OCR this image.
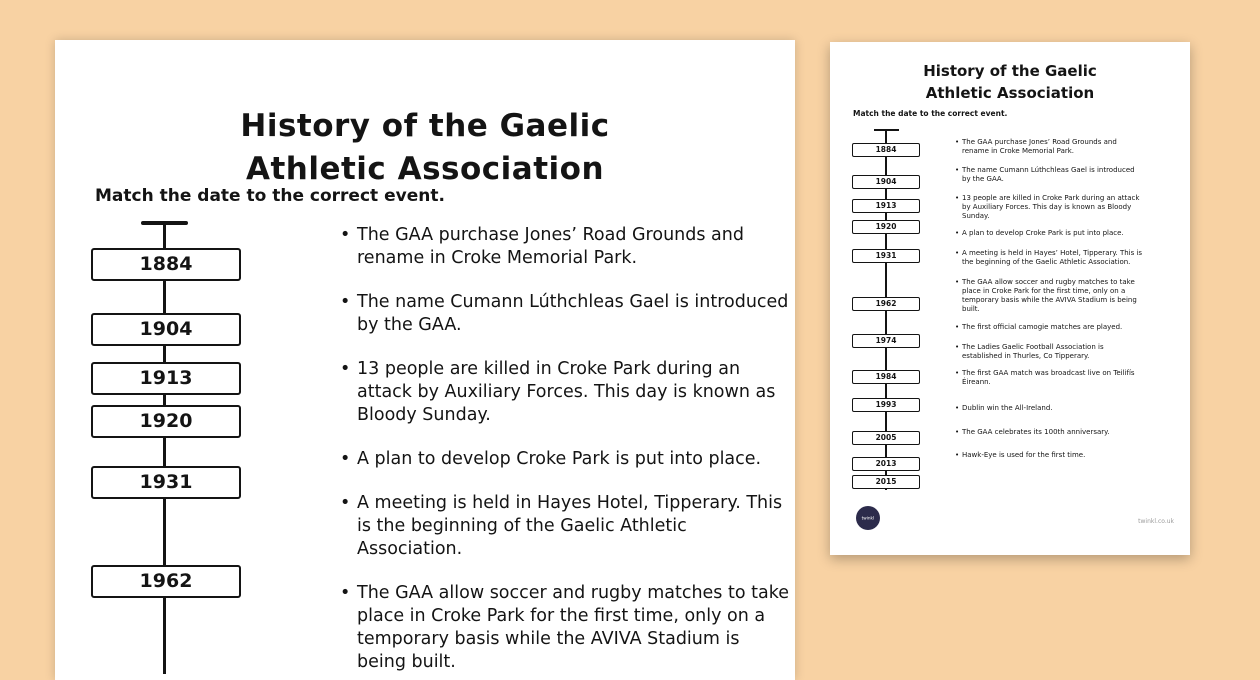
History of the Gaelic
Athletic Association
Match the date to the correct event.
1884
1904
1913
1920
1931
1962
• The GAA purchase Jones’ Road Grounds and rename in Croke Memorial Park.
• The name Cumann Lúthchleas Gael is introduced by the GAA.
• 13 people are killed in Croke Park during an attack by Auxiliary Forces. This day is known as Bloody Sunday.
• A plan to develop Croke Park is put into place.
• A meeting is held in Hayes Hotel, Tipperary. This is the beginning of the Gaelic Athletic Association.
• The GAA allow soccer and rugby matches to take place in Croke Park for the first time, only on a temporary basis while the AVIVA Stadium is being built.
History of the Gaelic
Athletic Association
Match the date to the correct event.
1884
1904
1913
1920
1931
1962
1974
1984
1993
2005
2013
2015
• The GAA purchase Jones’ Road Grounds and rename in Croke Memorial Park.
• The name Cumann Lúthchleas Gael is introduced by the GAA.
• 13 people are killed in Croke Park during an attack by Auxiliary Forces. This day is known as Bloody Sunday.
• A plan to develop Croke Park is put into place.
• A meeting is held in Hayes’ Hotel, Tipperary. This is the beginning of the Gaelic Athletic Association.
• The GAA allow soccer and rugby matches to take place in Croke Park for the first time, only on a temporary basis while the AVIVA Stadium is being built.
• The first official camogie matches are played.
• The Ladies Gaelic Football Association is established in Thurles, Co Tipperary.
• The first GAA match was broadcast live on Teilifís Éireann.
• Dublin win the All-Ireland.
• The GAA celebrates its 100th anniversary.
• Hawk-Eye is used for the first time.
twinkl	twinkl.co.uk
